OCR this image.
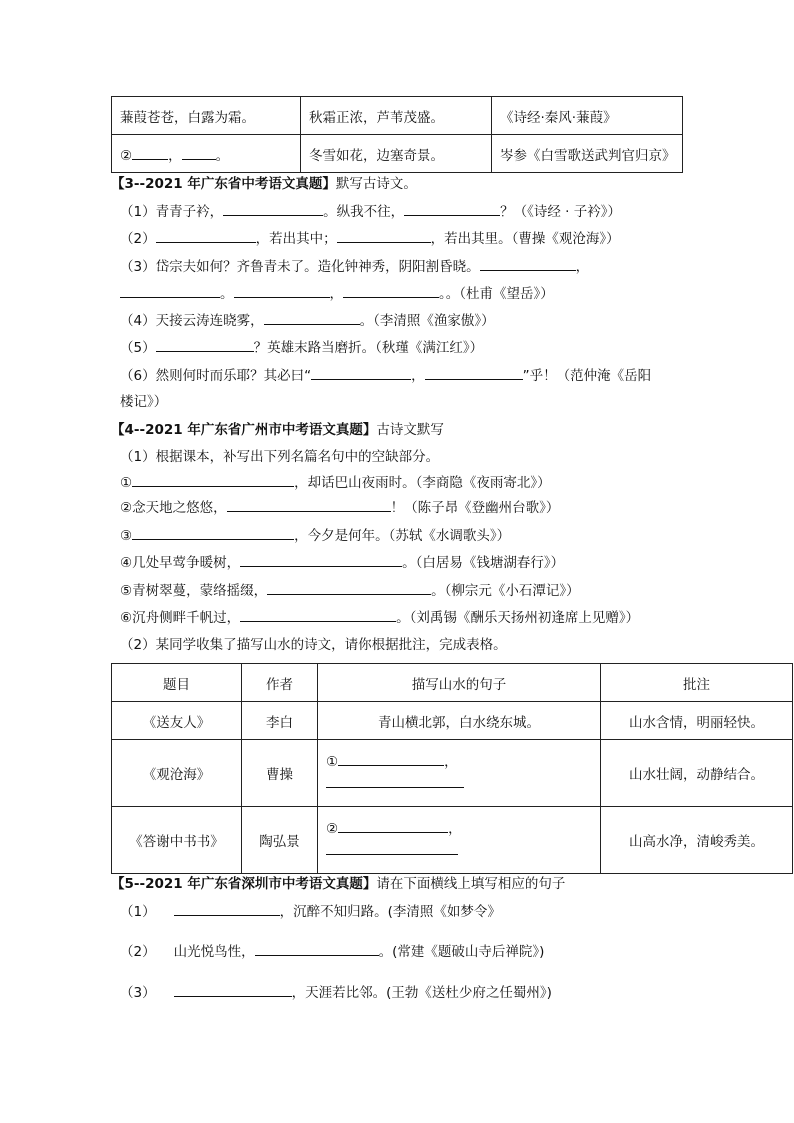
蒹葭苍苍，白露为霜。	秋霜正浓，芦苇茂盛。	《诗经·秦风·蒹葭》
② ， 。	冬雪如花，边塞奇景。	岑参《白雪歌送武判官归京》
【3--2021 年广东省中考语文真题】默写古诗文。
（1）青青子衿，	。纵我不往，	？（《诗经 · 子衿》）
（2）	，若出其中；	，若出其里。（曹操《观沧海》）
（3）岱宗夫如何？齐鲁青未了。造化钟神秀，阴阳割昏晓。	，
。	，	。。（杜甫《望岳》）
（4）天接云涛连晓雾，	。（李清照《渔家傲》）
（5）	？英雄末路当磨折。（秋瑾《满江红》）
（6）然则何时而乐耶？其必曰“	，	”乎！（范仲淹《岳阳
楼记》）
【4--2021 年广东省广州市中考语文真题】古诗文默写
（1）根据课本，补写出下列名篇名句中的空缺部分。
①	，却话巴山夜雨时。（李商隐《夜雨寄北》）
②念天地之悠悠，	！（陈子昂《登幽州台歌》）
③	，今夕是何年。（苏轼《水调歌头》）
④几处早莺争暖树，	。（白居易《钱塘湖春行》）
⑤青树翠蔓，蒙络摇缀，	。（柳宗元《小石潭记》）
⑥沉舟侧畔千帆过，	。（刘禹锡《酬乐天扬州初逢席上见赠》）
（2）某同学收集了描写山水的诗文，请你根据批注，完成表格。
题目	作者	描写山水的句子	批注
《送友人》	李白	青山横北郭，白水绕东城。	山水含情，明丽轻快。
《观沧海》	曹操	① ，	山水壮阔，动静结合。
《答谢中书书》	陶弘景	② ，	山高水净，清峻秀美。
【5--2021 年广东省深圳市中考语文真题】请在下面横线上填写相应的句子
（1）	，沉醉不知归路。(李清照《如梦令》
（2） 山光悦鸟性，	。(常建《题破山寺后禅院》)
（3）	，天涯若比邻。(王勃《送杜少府之任蜀州》)
